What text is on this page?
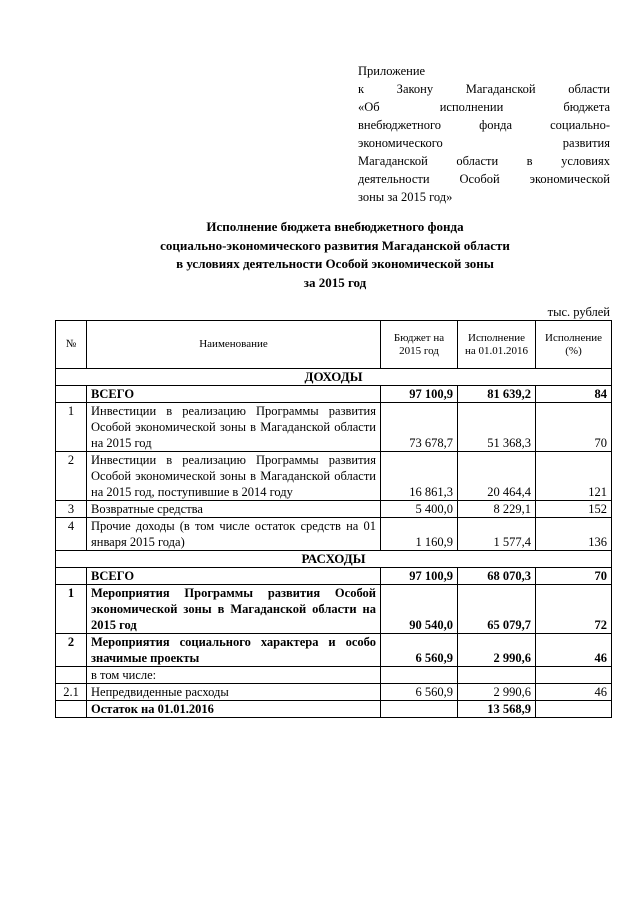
Приложение
к Закону Магаданской области
«Об исполнении бюджета
внебюджетного фонда социально-
экономического развития
Магаданской области в условиях
деятельности Особой экономической
зоны за 2015 год»
Исполнение бюджета внебюджетного фонда
социально-экономического развития Магаданской области
в условиях деятельности Особой экономической зоны
за 2015 год
тыс. рублей
№	Наименование	Бюджет на 2015 год	Исполнение на 01.01.2016	Исполнение (%)
ДОХОДЫ				
	ВСЕГО	97 100,9	81 639,2	84
1	Инвестиции в реализацию Программы развития Особой экономической зоны в Магаданской области на 2015 год	73 678,7	51 368,3	70
2	Инвестиции в реализацию Программы развития Особой экономической зоны в Магаданской области на 2015 год, поступившие в 2014 году	16 861,3	20 464,4	121
3	Возвратные средства	5 400,0	8 229,1	152
4	Прочие доходы (в том числе остаток средств на 01 января 2015 года)	1 160,9	1 577,4	136
РАСХОДЫ				
	ВСЕГО	97 100,9	68 070,3	70
1	Мероприятия Программы развития Особой экономической зоны в Магаданской области на 2015 год	90 540,0	65 079,7	72
2	Мероприятия социального характера и особо значимые проекты	6 560,9	2 990,6	46
	в том числе:			
2.1	Непредвиденные расходы	6 560,9	2 990,6	46
	Остаток на 01.01.2016		13 568,9	
